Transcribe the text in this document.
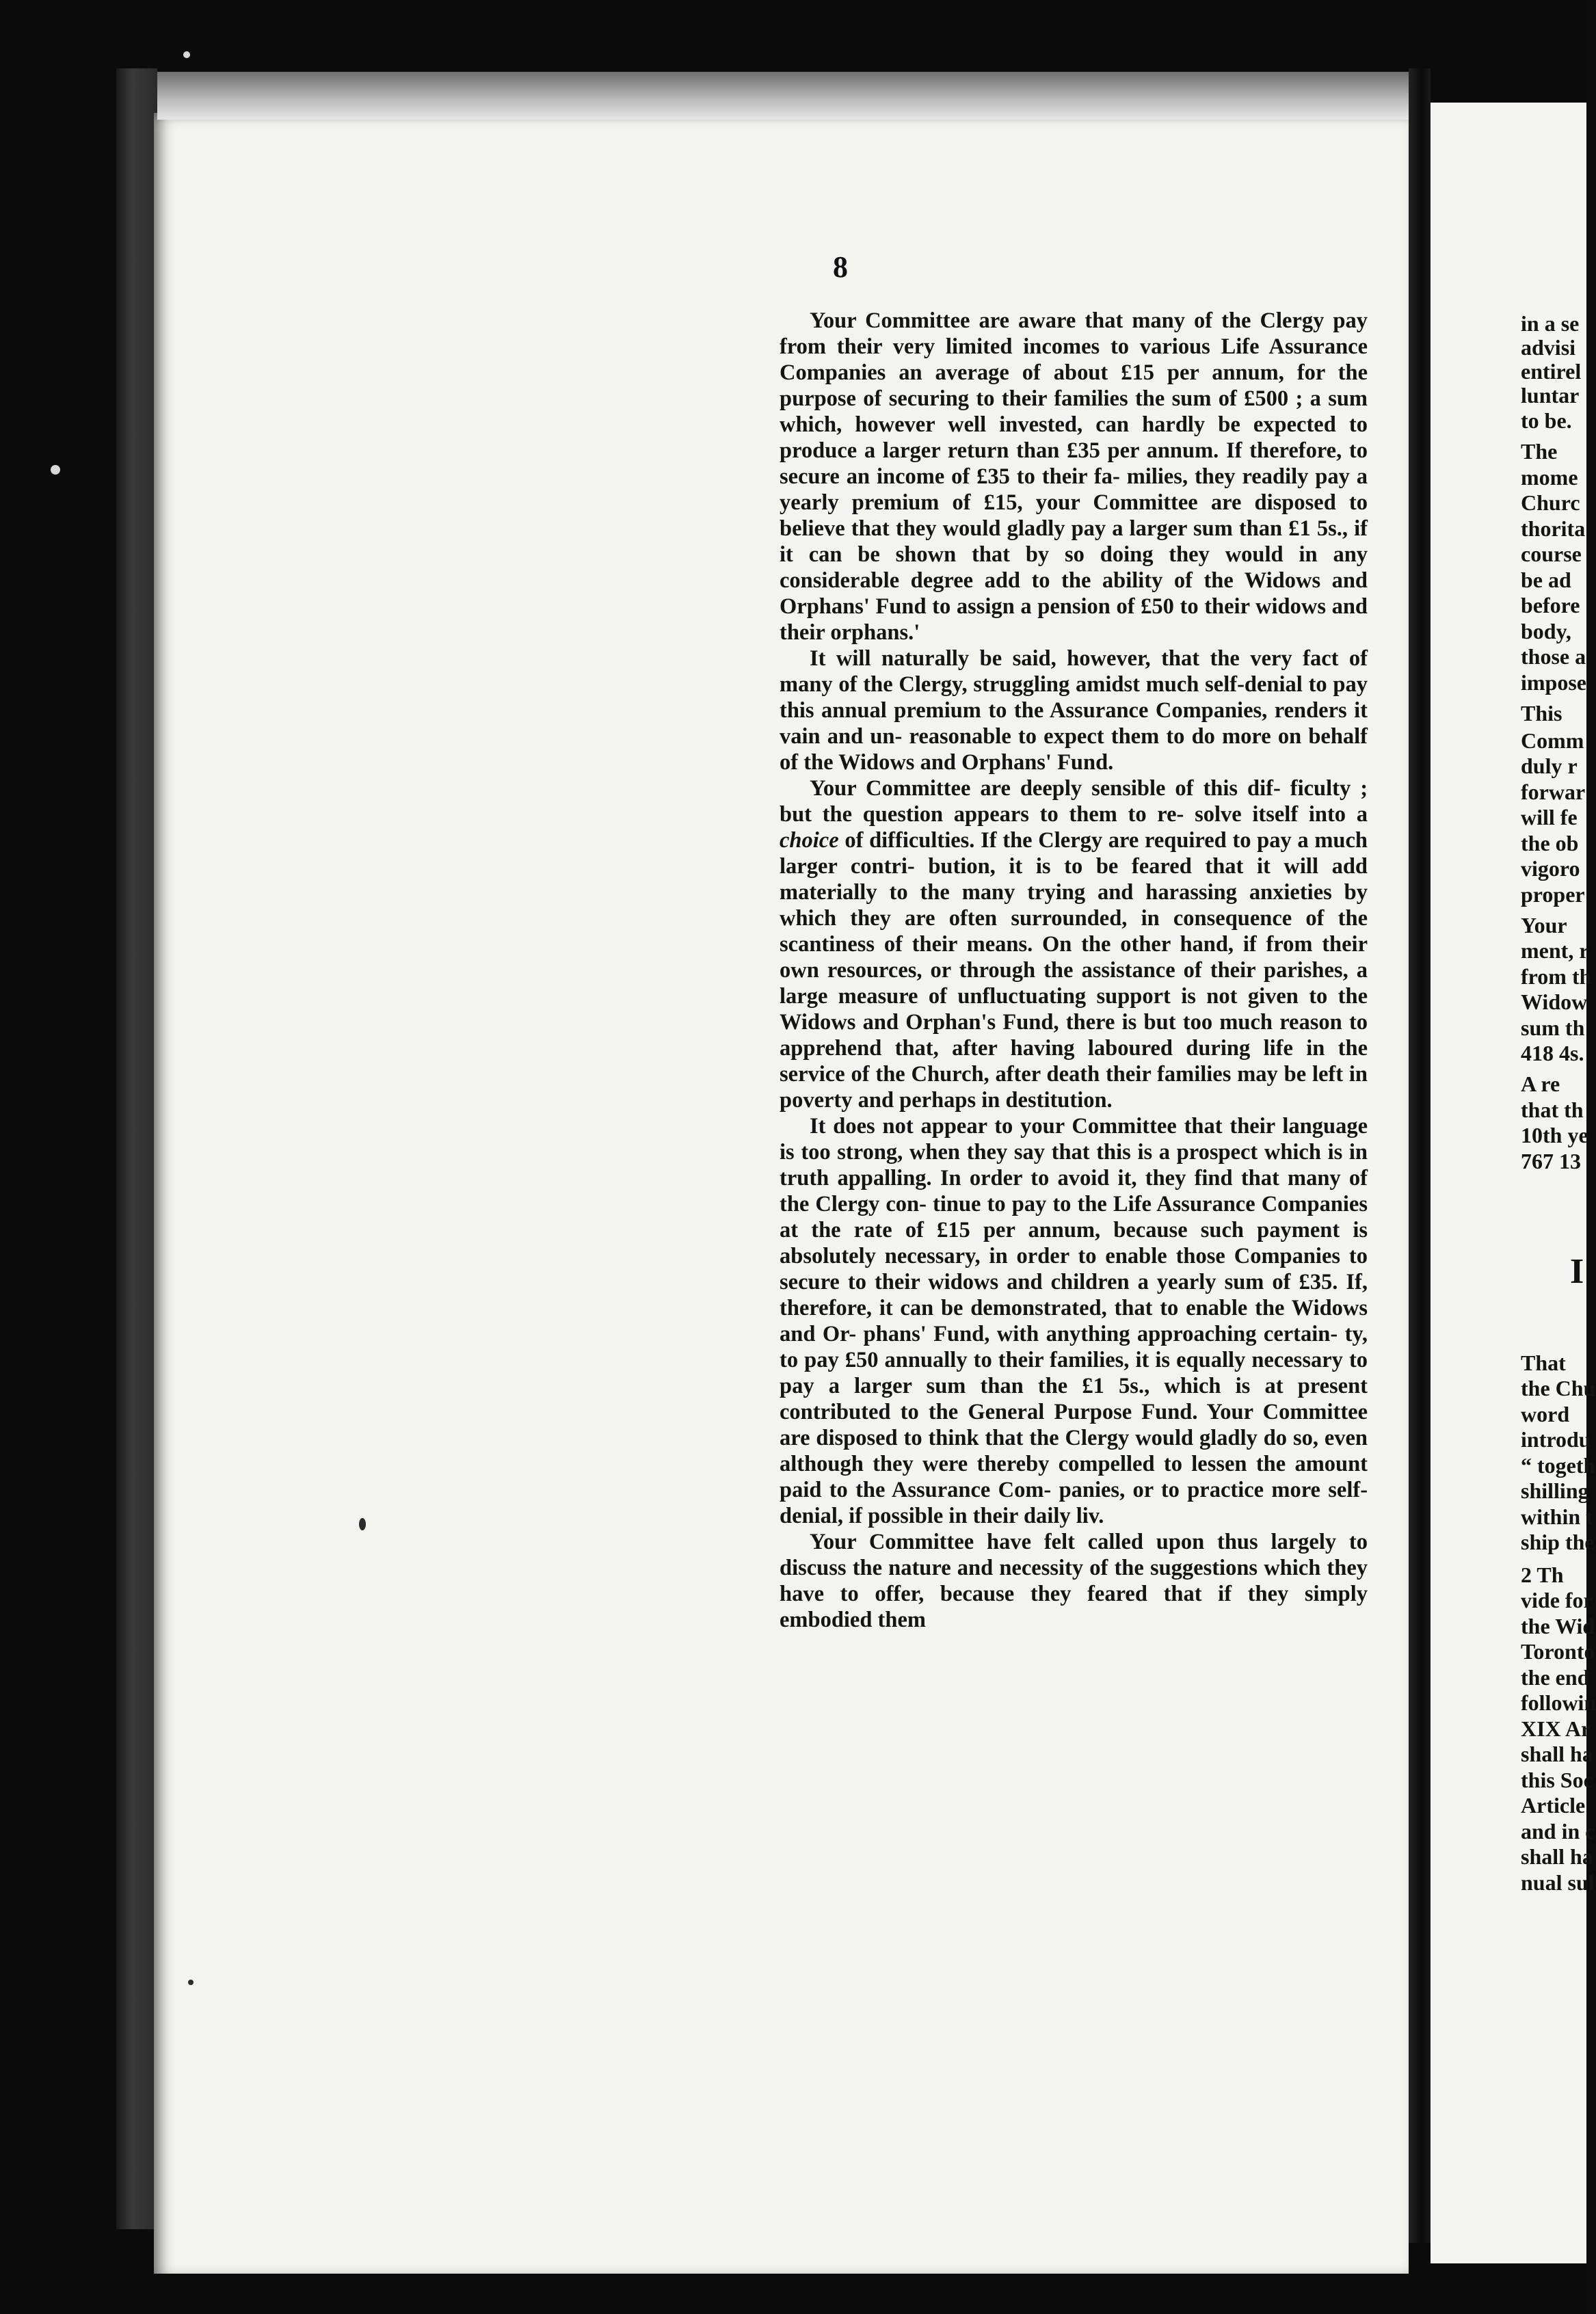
8

Your Committee are aware that many of the Clergy pay from their very limited incomes to various Life Assurance Companies an average of about £15 per annum, for the purpose of securing to their families the sum of £500 ; a sum which, however well invested, can hardly be expected to produce a larger return than £35 per annum. If therefore, to secure an income of £35 to their fa- milies, they readily pay a yearly premium of £15, your Committee are disposed to believe that they would gladly pay a larger sum than £1 5s., if it can be shown that by so doing they would in any considerable degree add to the ability of the Widows and Orphans' Fund to assign a pension of £50 to their widows and their orphans.'

It will naturally be said, however, that the very fact of many of the Clergy, struggling amidst much self-denial to pay this annual premium to the Assurance Companies, renders it vain and un- reasonable to expect them to do more on behalf of the Widows and Orphans' Fund.

Your Committee are deeply sensible of this dif- ficulty ; but the question appears to them to re- solve itself into a choice of difficulties. If the Clergy are required to pay a much larger contri- bution, it is to be feared that it will add materially to the many trying and harassing anxieties by which they are often surrounded, in consequence of the scantiness of their means. On the other hand, if from their own resources, or through the assistance of their parishes, a large measure of unfluctuating support is not given to the Widows and Orphan's Fund, there is but too much reason to apprehend that, after having laboured during life in the service of the Church, after death their families may be left in poverty and perhaps in destitution.

It does not appear to your Committee that their language is too strong, when they say that this is a prospect which is in truth appalling. In order to avoid it, they find that many of the Clergy con- tinue to pay to the Life Assurance Companies at the rate of £15 per annum, because such payment is absolutely necessary, in order to enable those Companies to secure to their widows and children a yearly sum of £35. If, therefore, it can be demonstrated, that to enable the Widows and Or- phans' Fund, with anything approaching certain- ty, to pay £50 annually to their families, it is equally necessary to pay a larger sum than the £1 5s., which is at present contributed to the General Purpose Fund. Your Committee are disposed to think that the Clergy would gladly do so, even although they were thereby compelled to lessen the amount paid to the Assurance Com- panies, or to practice more self-denial, if possible in their daily liv.

Your Committee have felt called upon thus largely to discuss the nature and necessity of the suggestions which they have to offer, because they feared that if they simply embodied them

in a se
advisi
entirel
luntar
to be.
The
mome
Churc
thorita
course
be ad
before
body,
those a
impose
This
Comm
duly r
forwar
will fe
the ob
vigoro
proper
Your
ment, r
from th
Widow
sum th
418 4s.
A re
that th
10th ye
767 13
I
That
the Chu
word
introdu
“ togeth
shilling
within t
ship the
2 Th
vide for
the Wid
Toronto
the end
followin
XIX Ar
shall ha
this Soc
Article
and in c
shall ha
nual sul
